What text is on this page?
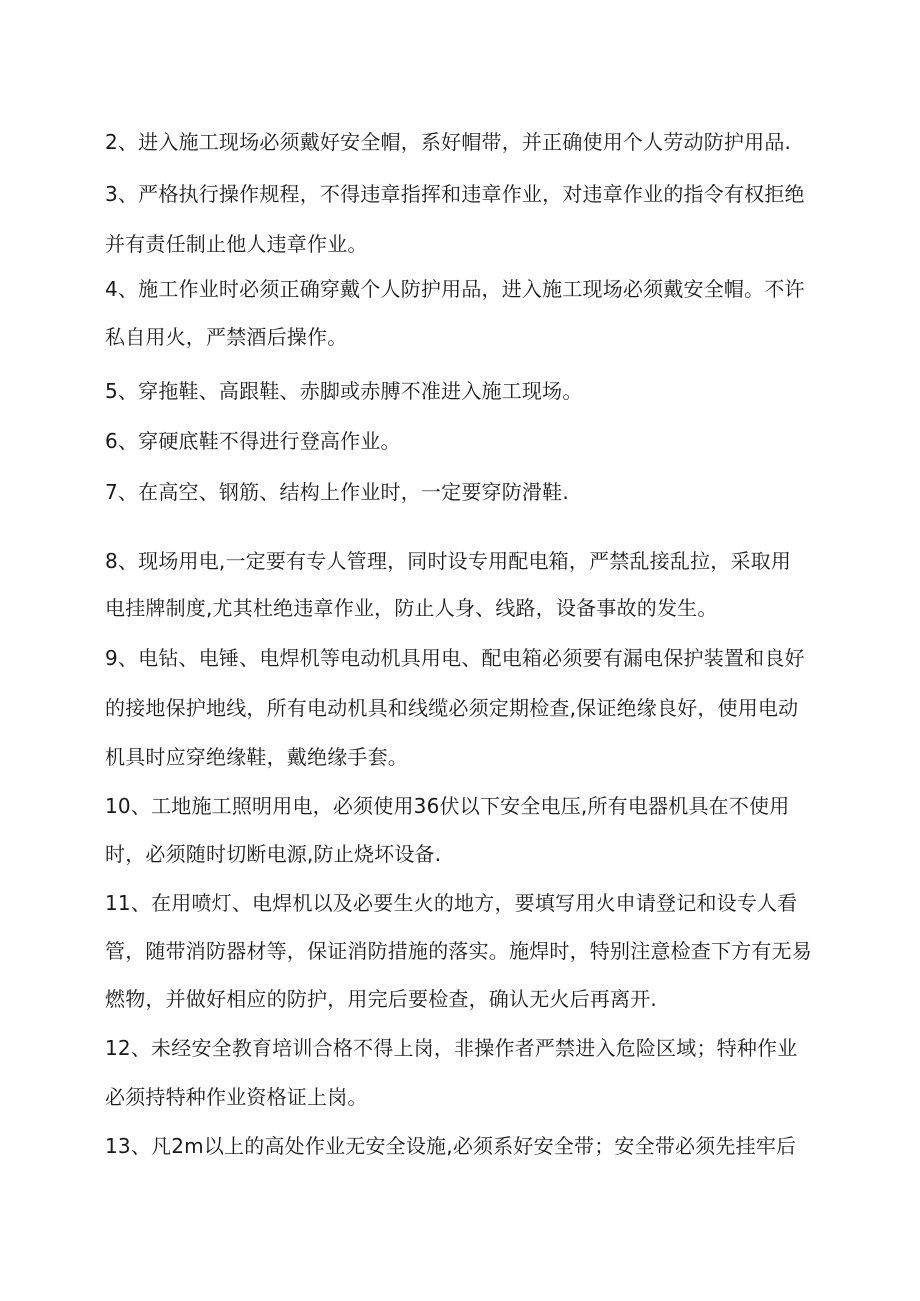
2、进入施工现场必须戴好安全帽，系好帽带，并正确使用个人劳动防护用品.
3、严格执行操作规程，不得违章指挥和违章作业，对违章作业的指令有权拒绝
并有责任制止他人违章作业。
4、施工作业时必须正确穿戴个人防护用品，进入施工现场必须戴安全帽。不许
私自用火，严禁酒后操作。
5、穿拖鞋、高跟鞋、赤脚或赤膊不准进入施工现场。
6、穿硬底鞋不得进行登高作业。
7、在高空、钢筋、结构上作业时，一定要穿防滑鞋.
8、现场用电,一定要有专人管理，同时设专用配电箱，严禁乱接乱拉，采取用
电挂牌制度,尤其杜绝违章作业，防止人身、线路，设备事故的发生。
9、电钻、电锤、电焊机等电动机具用电、配电箱必须要有漏电保护装置和良好
的接地保护地线，所有电动机具和线缆必须定期检查,保证绝缘良好，使用电动
机具时应穿绝缘鞋，戴绝缘手套。
10、工地施工照明用电，必须使用36伏以下安全电压,所有电器机具在不使用
时，必须随时切断电源,防止烧坏设备.
11、在用喷灯、电焊机以及必要生火的地方，要填写用火申请登记和设专人看
管，随带消防器材等，保证消防措施的落实。施焊时，特别注意检查下方有无易
燃物，并做好相应的防护，用完后要检查，确认无火后再离开.
12、未经安全教育培训合格不得上岗，非操作者严禁进入危险区域；特种作业
必须持特种作业资格证上岗。
13、凡2m以上的高处作业无安全设施,必须系好安全带；安全带必须先挂牢后
